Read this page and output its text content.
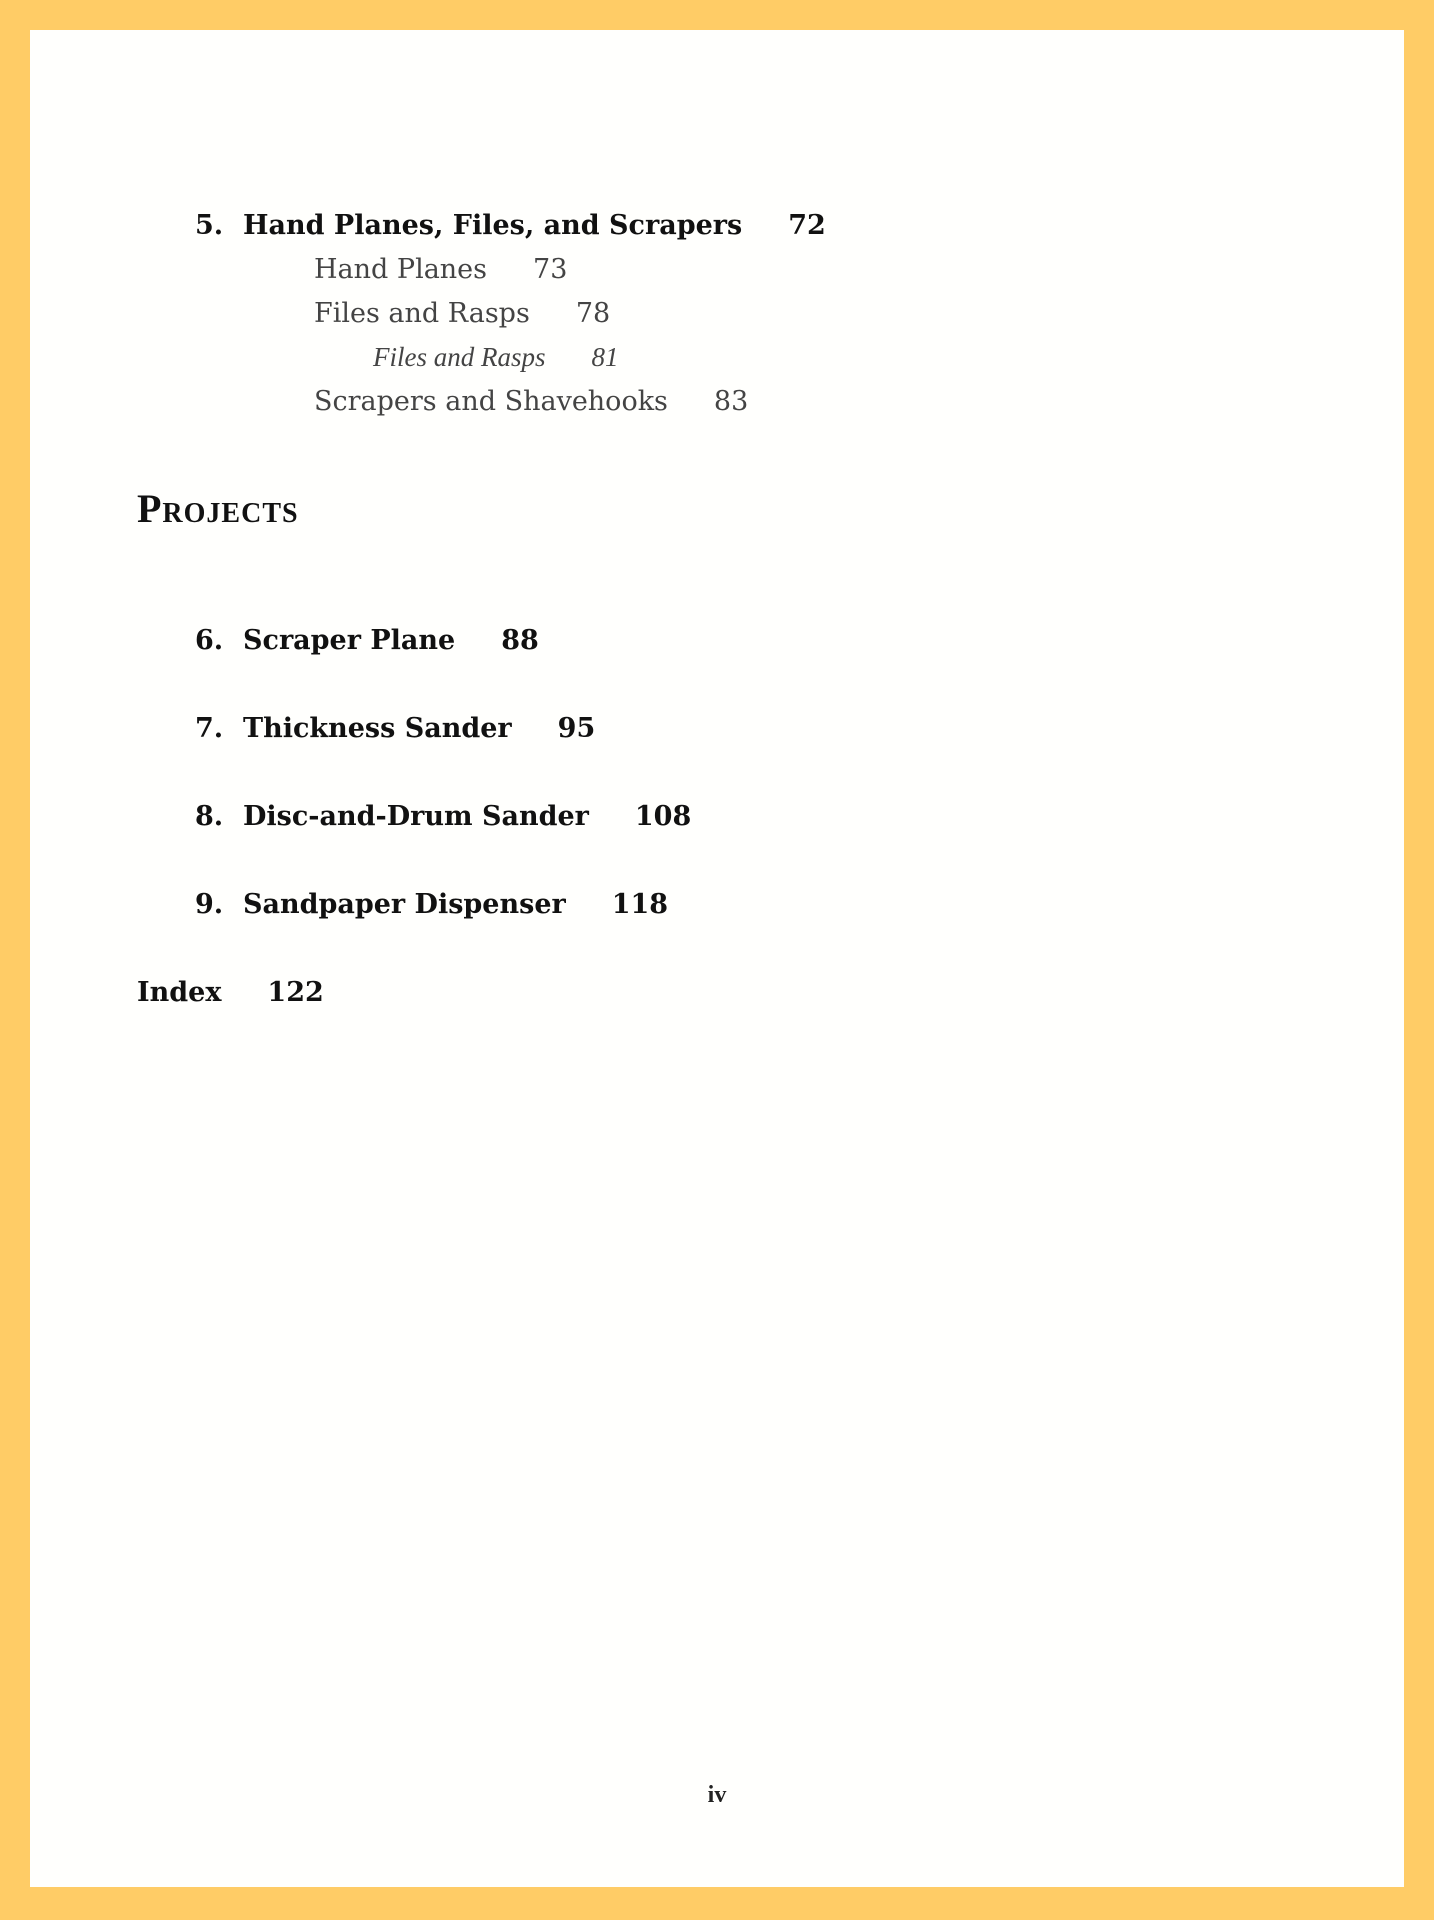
5. Hand Planes, Files, and Scrapers 72
Hand Planes 73
Files and Rasps 78
Files and Rasps 81
Scrapers and Shavehooks 83
Projects
6. Scraper Plane 88
7. Thickness Sander 95
8. Disc-and-Drum Sander 108
9. Sandpaper Dispenser 118
Index 122
iv
